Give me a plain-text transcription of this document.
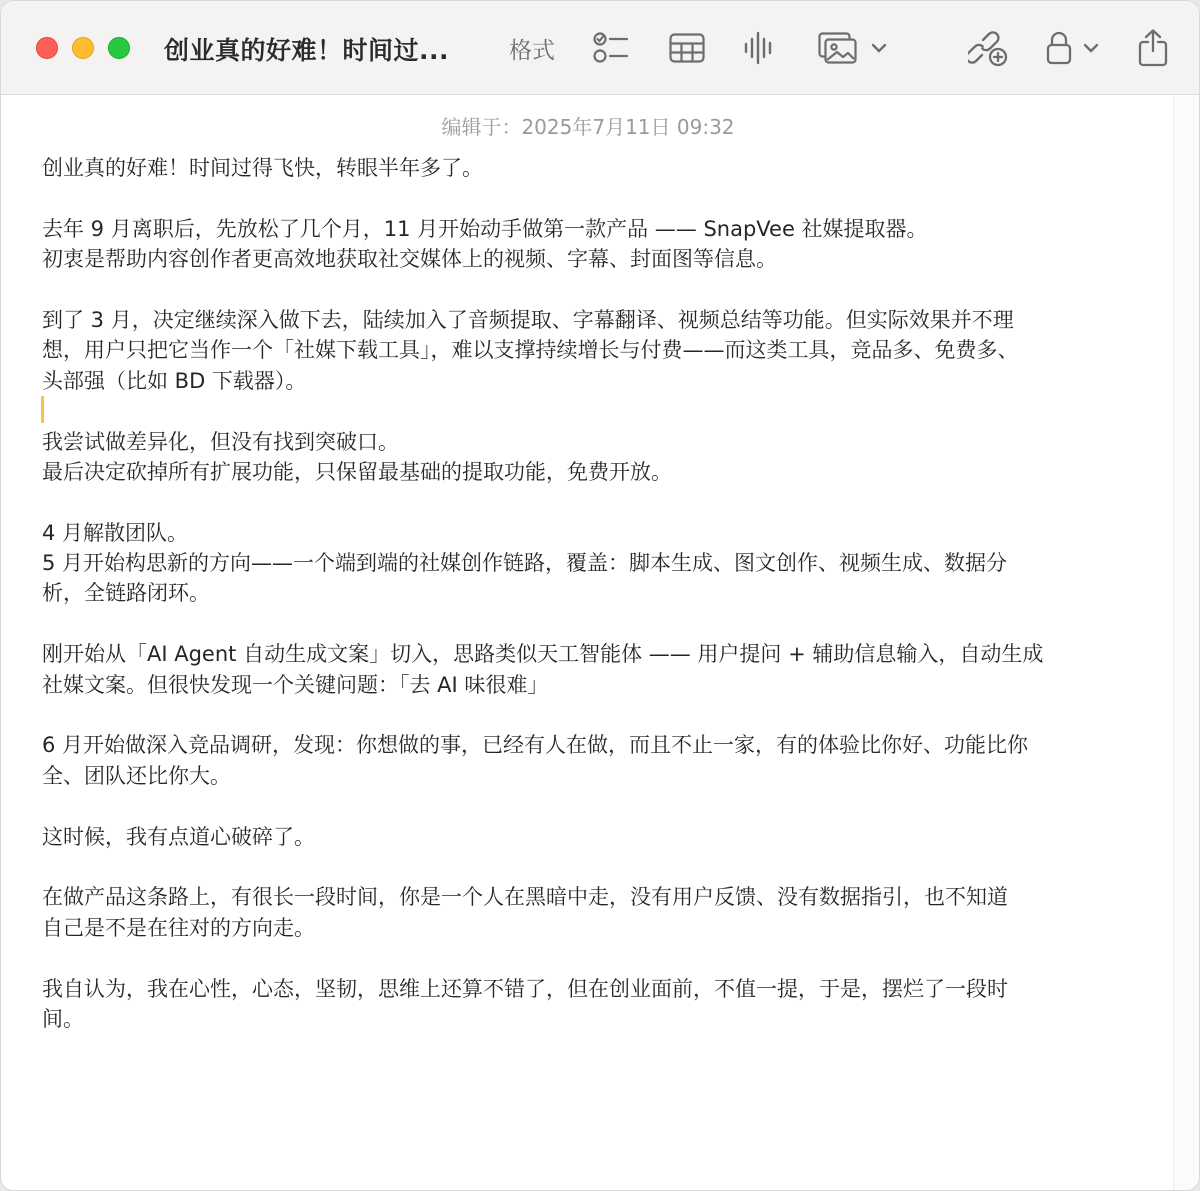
创业真的好难！时间过...	格式
编辑于：2025年7月11日 09:32
创业真的好难！时间过得飞快，转眼半年多了。
去年 9 月离职后，先放松了几个月，11 月开始动手做第一款产品 —— SnapVee 社媒提取器。
初衷是帮助内容创作者更高效地获取社交媒体上的视频、字幕、封面图等信息。
到了 3 月，决定继续深入做下去，陆续加入了音频提取、字幕翻译、视频总结等功能。但实际效果并不理
想，用户只把它当作一个「社媒下载工具」，难以支撑持续增长与付费——而这类工具，竞品多、免费多、
头部强（比如 BD 下载器）。
我尝试做差异化，但没有找到突破口。
最后决定砍掉所有扩展功能，只保留最基础的提取功能，免费开放。
4 月解散团队。
5 月开始构思新的方向——一个端到端的社媒创作链路，覆盖：脚本生成、图文创作、视频生成、数据分
析，全链路闭环。
刚开始从「AI Agent 自动生成文案」切入，思路类似天工智能体 —— 用户提问 + 辅助信息输入，自动生成
社媒文案。但很快发现一个关键问题：「去 AI 味很难」
6 月开始做深入竞品调研，发现：你想做的事，已经有人在做，而且不止一家，有的体验比你好、功能比你
全、团队还比你大。
这时候，我有点道心破碎了。
在做产品这条路上，有很长一段时间，你是一个人在黑暗中走，没有用户反馈、没有数据指引，也不知道
自己是不是在往对的方向走。
我自认为，我在心性，心态，坚韧，思维上还算不错了，但在创业面前，不值一提，于是，摆烂了一段时
间。
